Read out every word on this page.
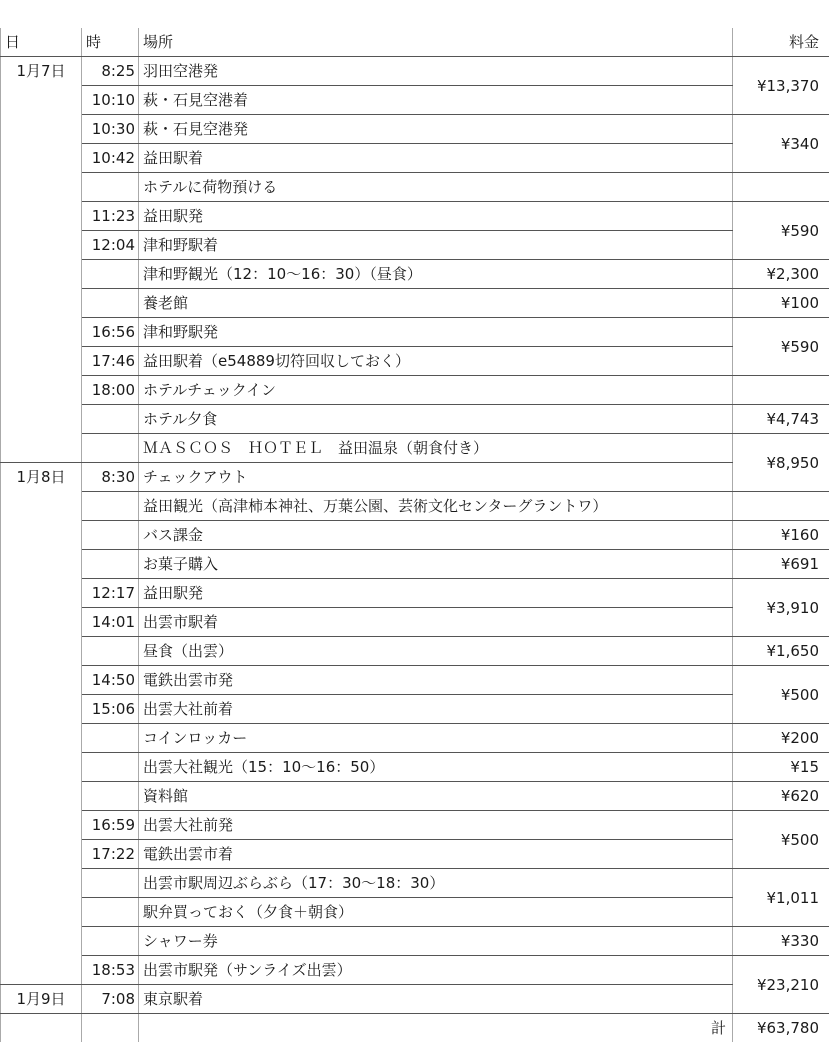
日	時	場所	料金
1月7日	8:25	羽田空港発	¥13,370
	10:10	萩・石見空港着	
	10:30	萩・石見空港発	¥340
	10:42	益田駅着	
		ホテルに荷物預ける	
	11:23	益田駅発	¥590
	12:04	津和野駅着	
		津和野観光（12：10～16：30）（昼食）	¥2,300
		養老館	¥100
	16:56	津和野駅発	¥590
	17:46	益田駅着（e54889切符回収しておく）	
	18:00	ホテルチェックイン	
		ホテル夕食	¥4,743
		ＭＡＳＣＯＳ　ＨＯＴＥＬ　益田温泉（朝食付き）	¥8,950
1月8日	8:30	チェックアウト	
		益田観光（高津柿本神社、万葉公園、芸術文化センターグラントワ）	
		バス課金	¥160
		お菓子購入	¥691
	12:17	益田駅発	¥3,910
	14:01	出雲市駅着	
		昼食（出雲）	¥1,650
	14:50	電鉄出雲市発	¥500
	15:06	出雲大社前着	
		コインロッカー	¥200
		出雲大社観光（15：10～16：50）	¥15
		資料館	¥620
	16:59	出雲大社前発	¥500
	17:22	電鉄出雲市着	
		出雲市駅周辺ぶらぶら（17：30～18：30）	¥1,011
		駅弁買っておく（夕食＋朝食）	
		シャワー券	¥330
	18:53	出雲市駅発（サンライズ出雲）	¥23,210
1月9日	7:08	東京駅着	
		計	¥63,780
